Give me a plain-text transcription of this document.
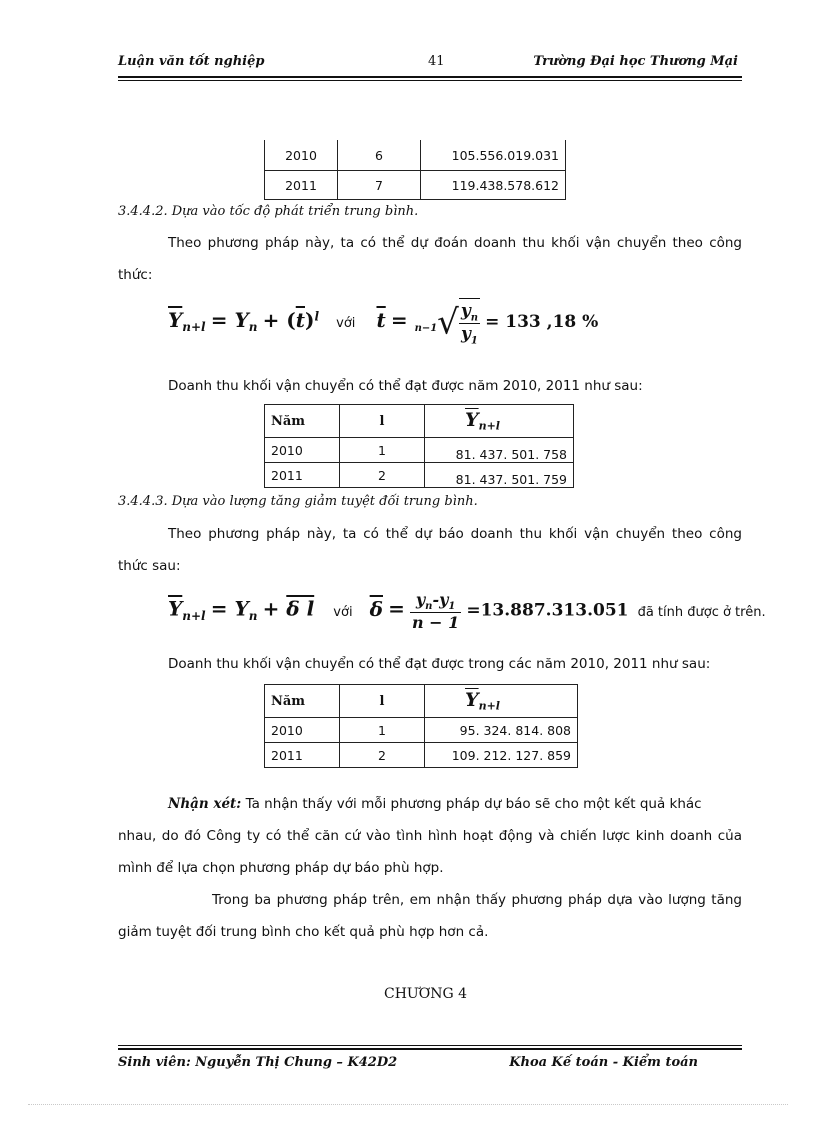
Luận văn tốt nghiệp	41	Trường Đại học Thương Mại
2010	6	105.556.019.031
2011	7	119.438.578.612
3.4.4.2. Dựa vào tốc độ phát triển trung bình.
Theo phương pháp này, ta có thể dự đoán doanh thu khối vận chuyển theo công
thức:
$\overline{Y}_{n+l} = Y_n + (\overline{t})^l$ với $\overline{t} = _{n-1}√ \frac{y_n}{y_1} = 133$ ,18 %
Doanh thu khối vận chuyển có thể đạt được năm 2010, 2011 như sau:
Năm	l	$\overline{Y}_{n+l}$
2010	1	81. 437. 501. 758
2011	2	81. 437. 501. 759
3.4.4.3. Dựa vào lượng tăng giảm tuyệt đối trung bình.
Theo phương pháp này, ta có thể dự báo doanh thu khối vận chuyển theo công
thức sau:
$\overline{Y}_{n+l} = Y_n + \delta$ l với $\overline{\delta} = \frac{y_n-y_1}{n - 1} =13.887.313.051$ đã tính được ở trên.
Doanh thu khối vận chuyển có thể đạt được trong các năm 2010, 2011 như sau:
Năm	l	$\overline{Y}_{n+l}$
2010	1	95. 324. 814. 808
2011	2	109. 212. 127. 859
Nhận xét: Ta nhận thấy với mỗi phương pháp dự báo sẽ cho một kết quả khác
nhau, do đó Công ty có thể căn cứ vào tình hình hoạt động và chiến lược kinh doanh của
mình để lựa chọn phương pháp dự báo phù hợp.
Trong ba phương pháp trên, em nhận thấy phương pháp dựa vào lượng tăng
giảm tuyệt đối trung bình cho kết quả phù hợp hơn cả.
CHƯƠNG 4
Sinh viên: Nguyễn Thị Chung – K42D2	Khoa Kế toán - Kiểm toán
